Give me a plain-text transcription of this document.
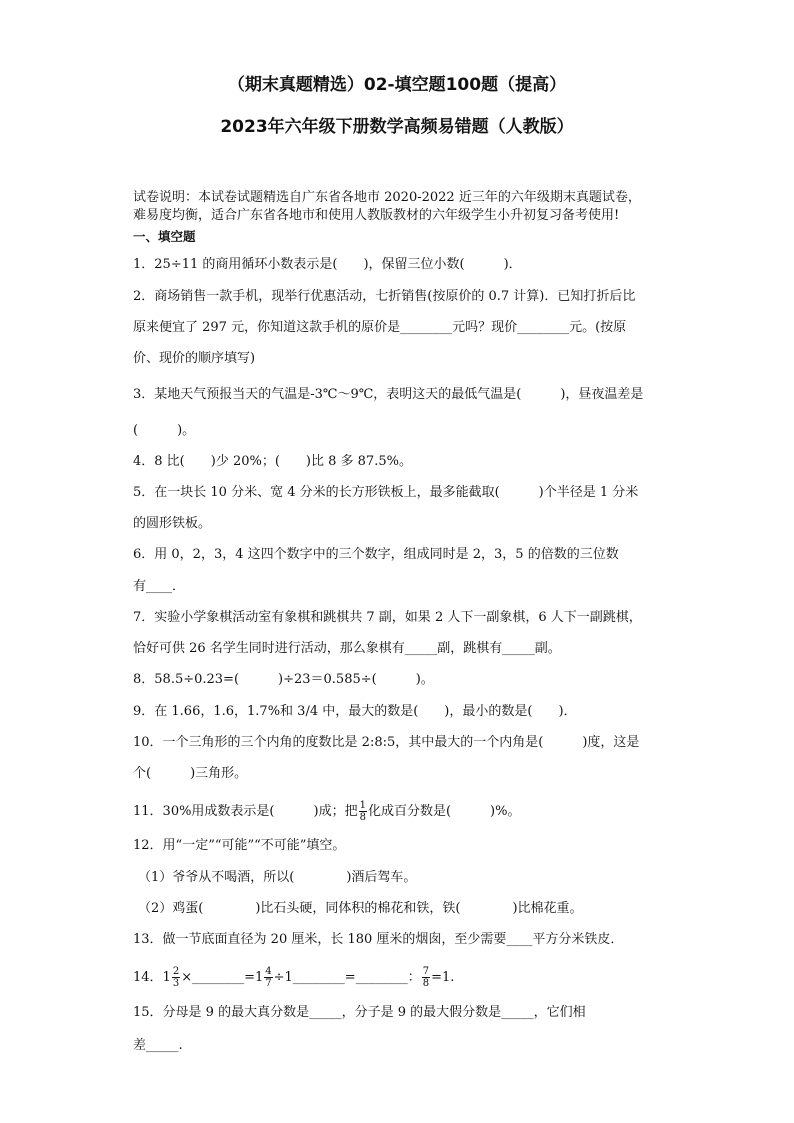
（期末真题精选）02-填空题100题（提高）
2023年六年级下册数学高频易错题（人教版）
试卷说明：本试卷试题精选自广东省各地市 2020-2022 近三年的六年级期末真题试卷，
难易度均衡，适合广东省各地市和使用人教版教材的六年级学生小升初复习备考使用!
一、填空题
1．25÷11 的商用循环小数表示是(　　)，保留三位小数(　　　)．
2．商场销售一款手机，现举行优惠活动，七折销售(按原价的 0.7 计算)．已知打折后比
原来便宜了 297 元，你知道这款手机的原价是________元吗？现价________元。(按原
价、现价的顺序填写)
3．某地天气预报当天的气温是-3℃～9℃，表明这天的最低气温是(　　　)，昼夜温差是
(　　　)。
4．8 比(　　)少 20%；(　　)比 8 多 87.5%。
5．在一块长 10 分米、宽 4 分米的长方形铁板上，最多能截取(　　　)个半径是 1 分米
的圆形铁板。
6．用 0，2，3，4 这四个数字中的三个数字，组成同时是 2，3，5 的倍数的三位数
有____．
7．实验小学象棋活动室有象棋和跳棋共 7 副，如果 2 人下一副象棋，6 人下一副跳棋，
恰好可供 26 名学生同时进行活动，那么象棋有_____副，跳棋有_____副。
8．58.5÷0.23=(　　　)÷23＝0.585÷(　　　)。
9．在 1.66，1.6，1.7%和 3/4 中，最大的数是(　　)，最小的数是(　　)．
10．一个三角形的三个内角的度数比是 2:8:5，其中最大的一个内角是(　　　)度，这是
个(　　　)三角形。
11．30%用成数表示是(　　　)成；把 $\frac{1}{8}$ 化成百分数是(　　　)%。
12．用“一定”“可能”“不可能”填空。
（1）爷爷从不喝酒，所以(　　　　)酒后驾车。
（2）鸡蛋(　　　　)比石头硬，同体积的棉花和铁，铁(　　　　)比棉花重。
13．做一节底面直径为 20 厘米，长 180 厘米的烟囱，至少需要____平方分米铁皮．
14．$1 \frac{2}{3}$ ×________=1 $\frac{4}{7}$ ÷1________=________： $\frac{7}{8} =1$.
15．分母是 9 的最大真分数是_____，分子是 9 的最大假分数是_____，它们相
差_____.
